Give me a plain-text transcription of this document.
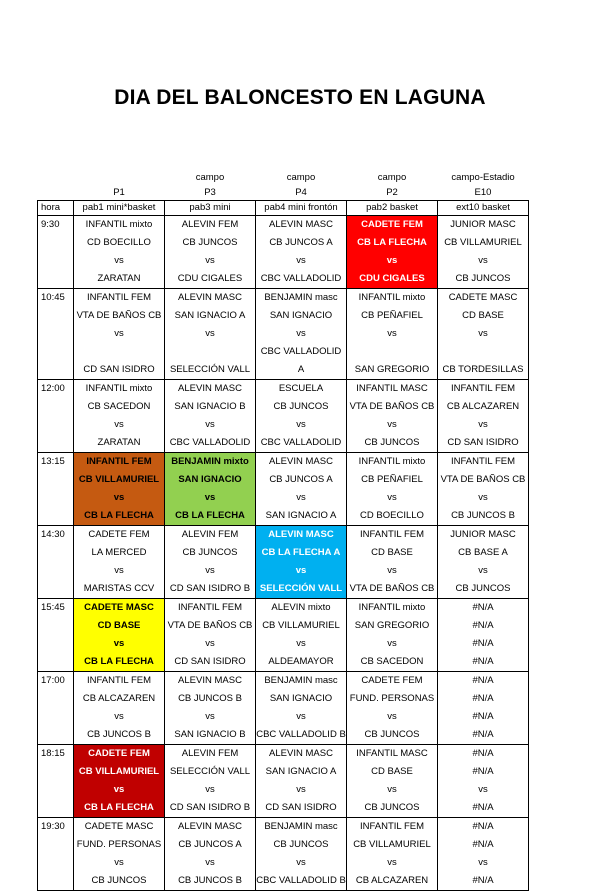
DIA DEL BALONCESTO EN LAGUNA
		campo	campo	campo	campo-Estadio
	P1	P3	P4	P2	E10
hora	pab1 mini*basket	pab3 mini	pab4 mini frontón	pab2 basket	ext10 basket
9:30	INFANTIL mixto	ALEVIN FEM	ALEVIN MASC	CADETE FEM	JUNIOR MASC
	CD BOECILLO	CB JUNCOS	CB JUNCOS A	CB LA FLECHA	CB VILLAMURIEL
	vs	vs	vs	vs	vs
	ZARATAN	CDU CIGALES	CBC VALLADOLID	CDU CIGALES	CB JUNCOS
10:45	INFANTIL FEM	ALEVIN MASC	BENJAMIN masc	INFANTIL mixto	CADETE MASC
	VTA DE BAÑOS CB	SAN IGNACIO A	SAN IGNACIO	CB PEÑAFIEL	CD BASE
	vs	vs	vs	vs	vs
			CBC VALLADOLID		
	CD SAN ISIDRO	SELECCIÓN VALL	A	SAN GREGORIO	CB TORDESILLAS
12:00	INFANTIL mixto	ALEVIN MASC	ESCUELA	INFANTIL MASC	INFANTIL FEM
	CB SACEDON	SAN IGNACIO B	CB JUNCOS	VTA DE BAÑOS CB	CB ALCAZAREN
	vs	vs	vs	vs	vs
	ZARATAN	CBC VALLADOLID	CBC VALLADOLID	CB JUNCOS	CD SAN ISIDRO
13:15	INFANTIL FEM	BENJAMIN mixto	ALEVIN MASC	INFANTIL mixto	INFANTIL FEM
	CB VILLAMURIEL	SAN IGNACIO	CB JUNCOS A	CB PEÑAFIEL	VTA DE BAÑOS CB
	vs	vs	vs	vs	vs
	CB LA FLECHA	CB LA FLECHA	SAN IGNACIO A	CD BOECILLO	CB JUNCOS B
14:30	CADETE FEM	ALEVIN FEM	ALEVIN MASC	INFANTIL FEM	JUNIOR MASC
	LA MERCED	CB JUNCOS	CB LA FLECHA A	CD BASE	CB BASE A
	vs	vs	vs	vs	vs
	MARISTAS CCV	CD SAN ISIDRO B	SELECCIÓN VALL	VTA DE BAÑOS CB	CB JUNCOS
15:45	CADETE MASC	INFANTIL FEM	ALEVIN mixto	INFANTIL mixto	#N/A
	CD BASE	VTA DE BAÑOS CB	CB VILLAMURIEL	SAN GREGORIO	#N/A
	vs	vs	vs	vs	#N/A
	CB LA FLECHA	CD SAN ISIDRO	ALDEAMAYOR	CB SACEDON	#N/A
17:00	INFANTIL FEM	ALEVIN MASC	BENJAMIN masc	CADETE FEM	#N/A
	CB ALCAZAREN	CB JUNCOS B	SAN IGNACIO	FUND. PERSONAS	#N/A
	vs	vs	vs	vs	#N/A
	CB JUNCOS B	SAN IGNACIO B	CBC VALLADOLID B	CB JUNCOS	#N/A
18:15	CADETE FEM	ALEVIN FEM	ALEVIN MASC	INFANTIL MASC	#N/A
	CB VILLAMURIEL	SELECCIÓN VALL	SAN IGNACIO A	CD BASE	#N/A
	vs	vs	vs	vs	vs
	CB LA FLECHA	CD SAN ISIDRO B	CD SAN ISIDRO	CB JUNCOS	#N/A
19:30	CADETE MASC	ALEVIN MASC	BENJAMIN masc	INFANTIL FEM	#N/A
	FUND. PERSONAS	CB JUNCOS A	CB JUNCOS	CB VILLAMURIEL	#N/A
	vs	vs	vs	vs	vs
	CB JUNCOS	CB JUNCOS B	CBC VALLADOLID B	CB ALCAZAREN	#N/A
